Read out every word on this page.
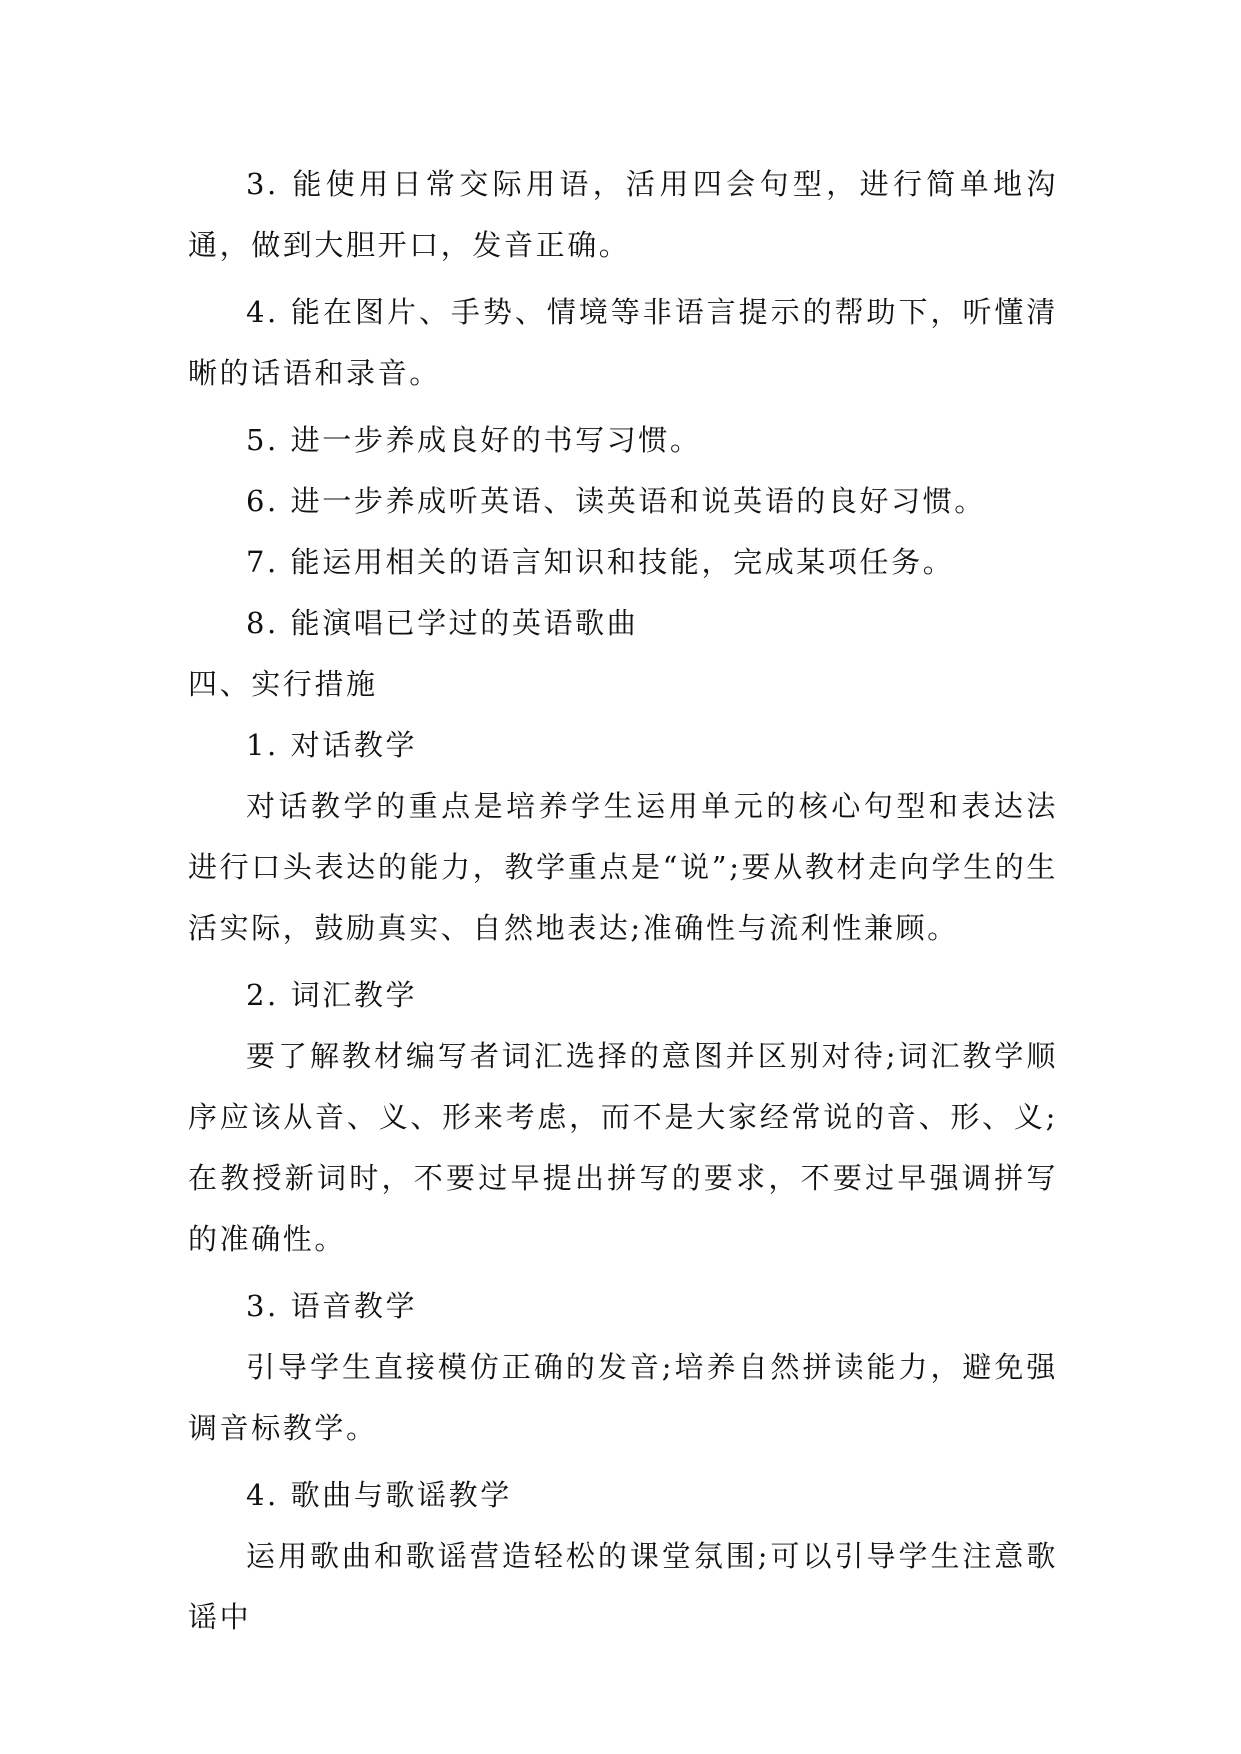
3. 能使用日常交际用语，活用四会句型，进行简单地沟通，做到大胆开口，发音正确。

4. 能在图片、手势、情境等非语言提示的帮助下，听懂清晰的话语和录音。

5. 进一步养成良好的书写习惯。

6. 进一步养成听英语、读英语和说英语的良好习惯。

7. 能运用相关的语言知识和技能，完成某项任务。

8. 能演唱已学过的英语歌曲

四、实行措施

1. 对话教学

对话教学的重点是培养学生运用单元的核心句型和表达法进行口头表达的能力，教学重点是“说”;要从教材走向学生的生活实际，鼓励真实、自然地表达;准确性与流利性兼顾。

2. 词汇教学

要了解教材编写者词汇选择的意图并区别对待;词汇教学顺序应该从音、义、形来考虑，而不是大家经常说的音、形、义;在教授新词时，不要过早提出拼写的要求，不要过早强调拼写的准确性。

3. 语音教学

引导学生直接模仿正确的发音;培养自然拼读能力，避免强调音标教学。

4. 歌曲与歌谣教学

运用歌曲和歌谣营造轻松的课堂氛围;可以引导学生注意歌谣中
